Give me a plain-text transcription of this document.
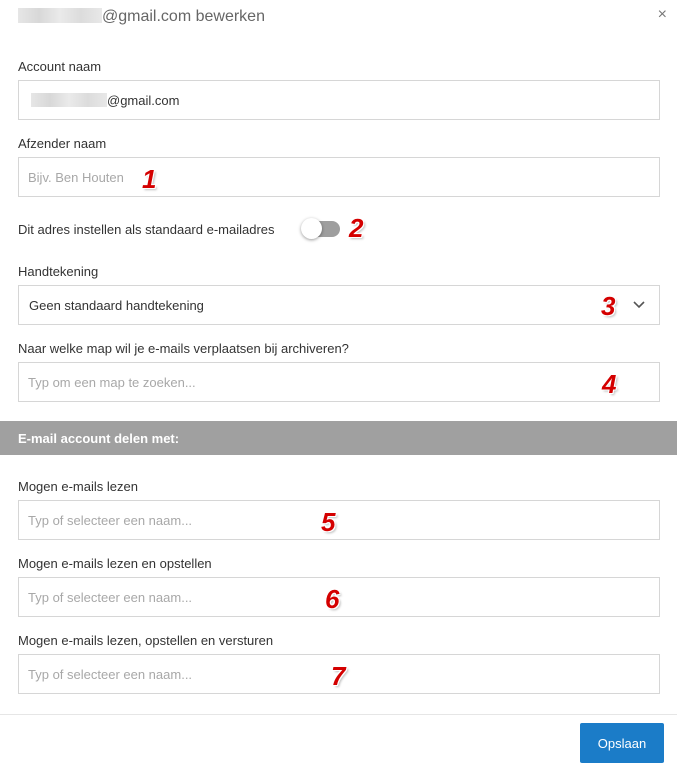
@gmail.com bewerken	×
Account naam
@gmail.com
Afzender naam
Bijv. Ben Houten
1
Dit adres instellen als standaard e-mailadres	2
Handtekening
Geen standaard handtekening	3
Naar welke map wil je e-mails verplaatsen bij archiveren?
Typ om een map te zoeken...
4
E-mail account delen met:
Mogen e-mails lezen
Typ of selecteer een naam...
5
Mogen e-mails lezen en opstellen
Typ of selecteer een naam...
6
Mogen e-mails lezen, opstellen en versturen
Typ of selecteer een naam...
7
Opslaan
